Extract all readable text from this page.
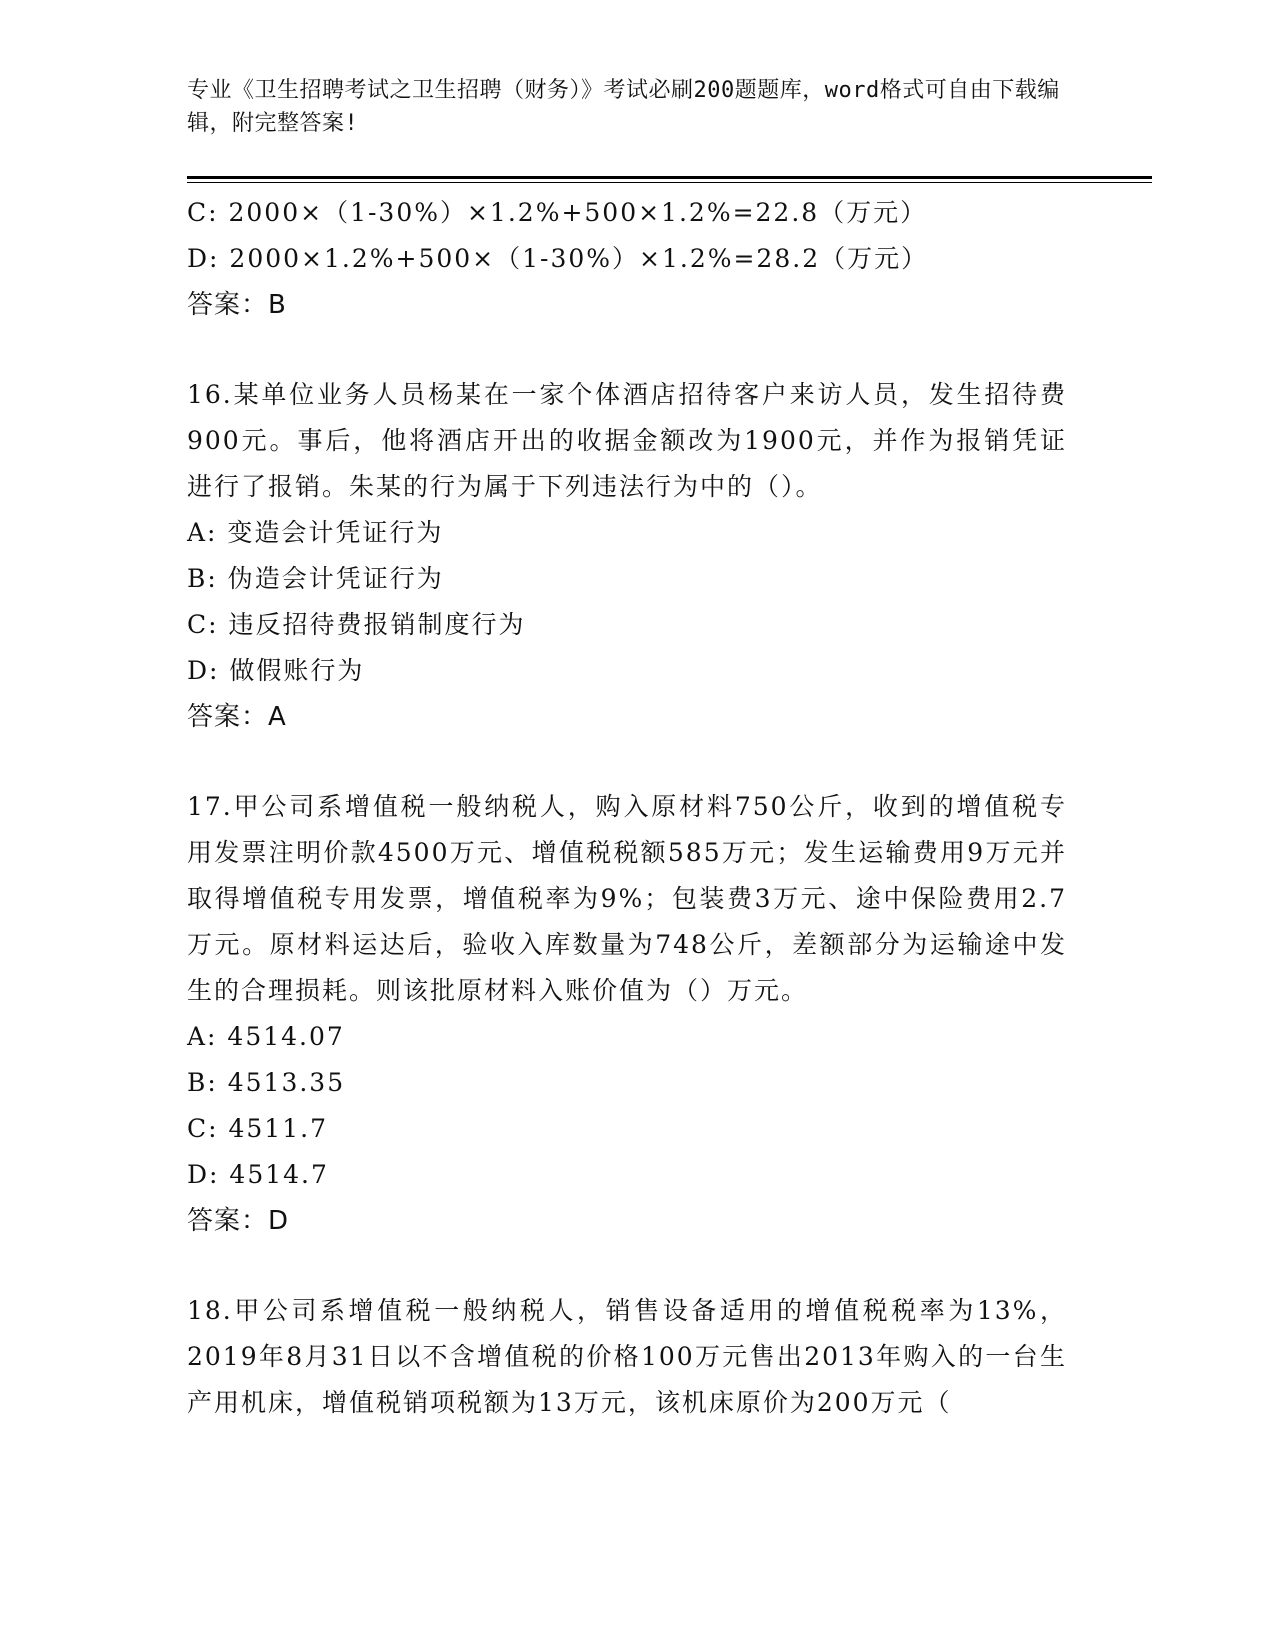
专业《卫生招聘考试之卫生招聘（财务）》考试必刷200题题库，word格式可自由下载编辑，附完整答案!

C: 2000×（1-30%）×1.2%+500×1.2%=22.8（万元）

D: 2000×1.2%+500×（1-30%）×1.2%=28.2（万元）

答案：B

16.某单位业务人员杨某在一家个体酒店招待客户来访人员，发生招待费900元。事后，他将酒店开出的收据金额改为1900元，并作为报销凭证进行了报销。朱某的行为属于下列违法行为中的（）。

A: 变造会计凭证行为

B: 伪造会计凭证行为

C: 违反招待费报销制度行为

D: 做假账行为

答案：A

17.甲公司系增值税一般纳税人，购入原材料750公斤，收到的增值税专用发票注明价款4500万元、增值税税额585万元；发生运输费用9万元并取得增值税专用发票，增值税率为9%；包装费3万元、途中保险费用2.7万元。原材料运达后，验收入库数量为748公斤，差额部分为运输途中发生的合理损耗。则该批原材料入账价值为（）万元。

A: 4514.07

B: 4513.35

C: 4511.7

D: 4514.7

答案：D

18.甲公司系增值税一般纳税人，销售设备适用的增值税税率为13%，2019年8月31日以不含增值税的价格100万元售出2013年购入的一台生产用机床，增值税销项税额为13万元，该机床原价为200万元（
